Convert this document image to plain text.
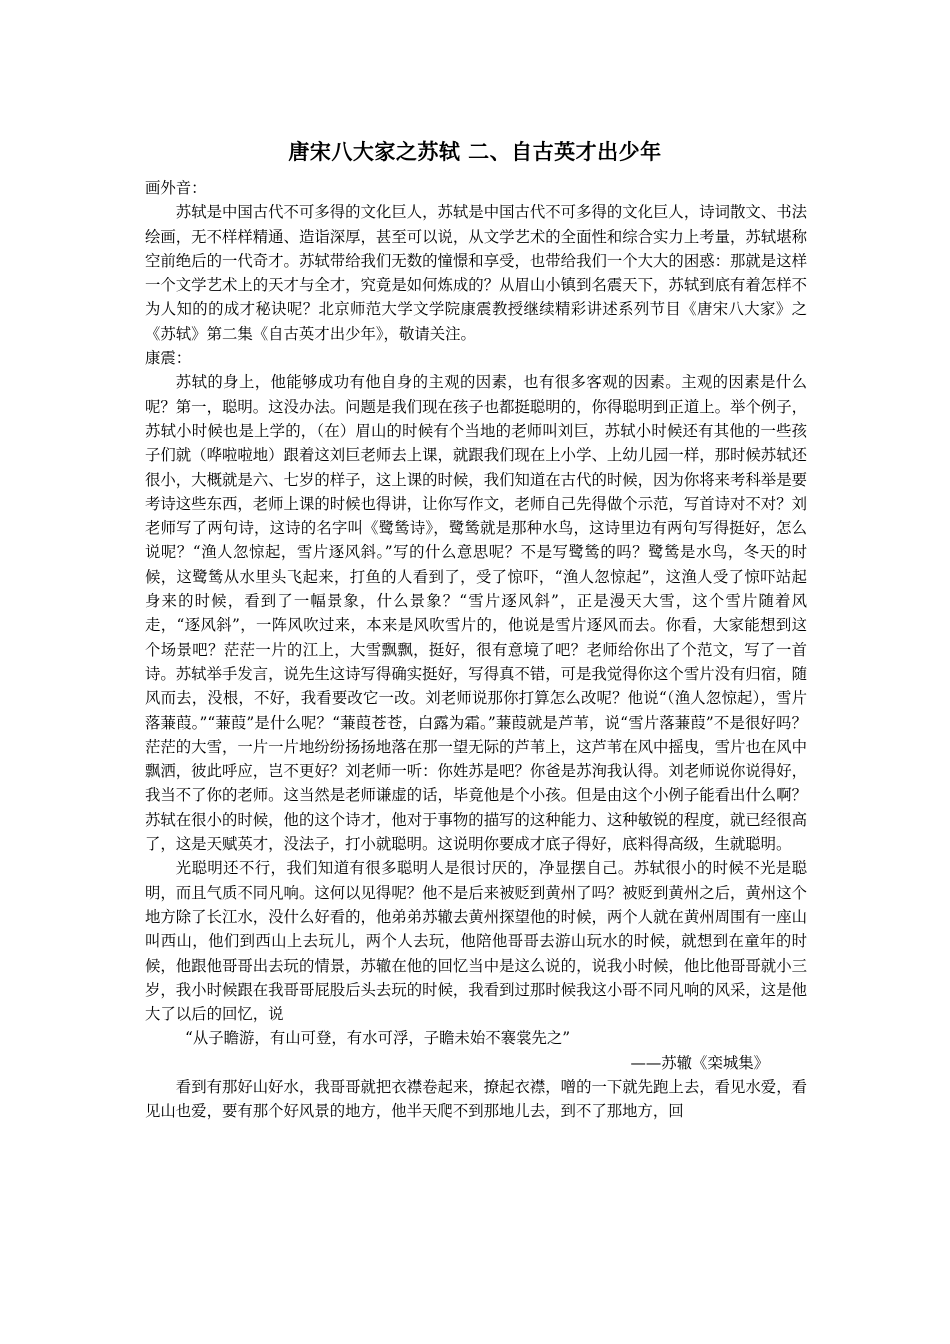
唐宋八大家之苏轼 二、自古英才出少年

画外音：

苏轼是中国古代不可多得的文化巨人，苏轼是中国古代不可多得的文化巨人，诗词散文、书法绘画，无不样样精通、造诣深厚，甚至可以说，从文学艺术的全面性和综合实力上考量，苏轼堪称空前绝后的一代奇才。苏轼带给我们无数的憧憬和享受，也带给我们一个大大的困惑：那就是这样一个文学艺术上的天才与全才，究竟是如何炼成的？从眉山小镇到名震天下，苏轼到底有着怎样不为人知的的成才秘诀呢？北京师范大学文学院康震教授继续精彩讲述系列节目《唐宋八大家》之《苏轼》第二集《自古英才出少年》，敬请关注。

康震：

苏轼的身上，他能够成功有他自身的主观的因素，也有很多客观的因素。主观的因素是什么呢？第一，聪明。这没办法。问题是我们现在孩子也都挺聪明的，你得聪明到正道上。举个例子，苏轼小时候也是上学的，（在）眉山的时候有个当地的老师叫刘巨，苏轼小时候还有其他的一些孩子们就（哗啦啦地）跟着这刘巨老师去上课，就跟我们现在上小学、上幼儿园一样，那时候苏轼还很小，大概就是六、七岁的样子，这上课的时候，我们知道在古代的时候，因为你将来考科举是要考诗这些东西，老师上课的时候也得讲，让你写作文，老师自己先得做个示范，写首诗对不对？刘老师写了两句诗，这诗的名字叫《鹭鸶诗》，鹭鸶就是那种水鸟，这诗里边有两句写得挺好，怎么说呢？“渔人忽惊起，雪片逐风斜。”写的什么意思呢？不是写鹭鸶的吗？鹭鸶是水鸟，冬天的时候，这鹭鸶从水里头飞起来，打鱼的人看到了，受了惊吓，“渔人忽惊起”，这渔人受了惊吓站起身来的时候，看到了一幅景象，什么景象？“雪片逐风斜”，正是漫天大雪，这个雪片随着风走，“逐风斜”，一阵风吹过来，本来是风吹雪片的，他说是雪片逐风而去。你看，大家能想到这个场景吧？茫茫一片的江上，大雪飘飘，挺好，很有意境了吧？老师给你出了个范文，写了一首诗。苏轼举手发言，说先生这诗写得确实挺好，写得真不错，可是我觉得你这个雪片没有归宿，随风而去，没根，不好，我看要改它一改。刘老师说那你打算怎么改呢？他说“（渔人忽惊起），雪片落蒹葭。”“蒹葭”是什么呢？“蒹葭苍苍，白露为霜。”蒹葭就是芦苇，说“雪片落蒹葭”不是很好吗？茫茫的大雪，一片一片地纷纷扬扬地落在那一望无际的芦苇上，这芦苇在风中摇曳，雪片也在风中飘洒，彼此呼应，岂不更好？刘老师一听：你姓苏是吧？你爸是苏洵我认得。刘老师说你说得好，我当不了你的老师。这当然是老师谦虚的话，毕竟他是个小孩。但是由这个小例子能看出什么啊？苏轼在很小的时候，他的这个诗才，他对于事物的描写的这种能力、这种敏锐的程度，就已经很高了，这是天赋英才，没法子，打小就聪明。这说明你要成才底子得好，底料得高级，生就聪明。

光聪明还不行，我们知道有很多聪明人是很讨厌的，净显摆自己。苏轼很小的时候不光是聪明，而且气质不同凡响。这何以见得呢？他不是后来被贬到黄州了吗？被贬到黄州之后，黄州这个地方除了长江水，没什么好看的，他弟弟苏辙去黄州探望他的时候，两个人就在黄州周围有一座山叫西山，他们到西山上去玩儿，两个人去玩，他陪他哥哥去游山玩水的时候，就想到在童年的时候，他跟他哥哥出去玩的情景，苏辙在他的回忆当中是这么说的，说我小时候，他比他哥哥就小三岁，我小时候跟在我哥哥屁股后头去玩的时候，我看到过那时候我这小哥不同凡响的风采，这是他大了以后的回忆，说

“从子瞻游，有山可登，有水可浮，子瞻未始不褰裳先之”

——苏辙《栾城集》

看到有那好山好水，我哥哥就把衣襟卷起来，撩起衣襟，噌的一下就先跑上去，看见水爱，看见山也爱，要有那个好风景的地方，他半天爬不到那地儿去，到不了那地方，回
